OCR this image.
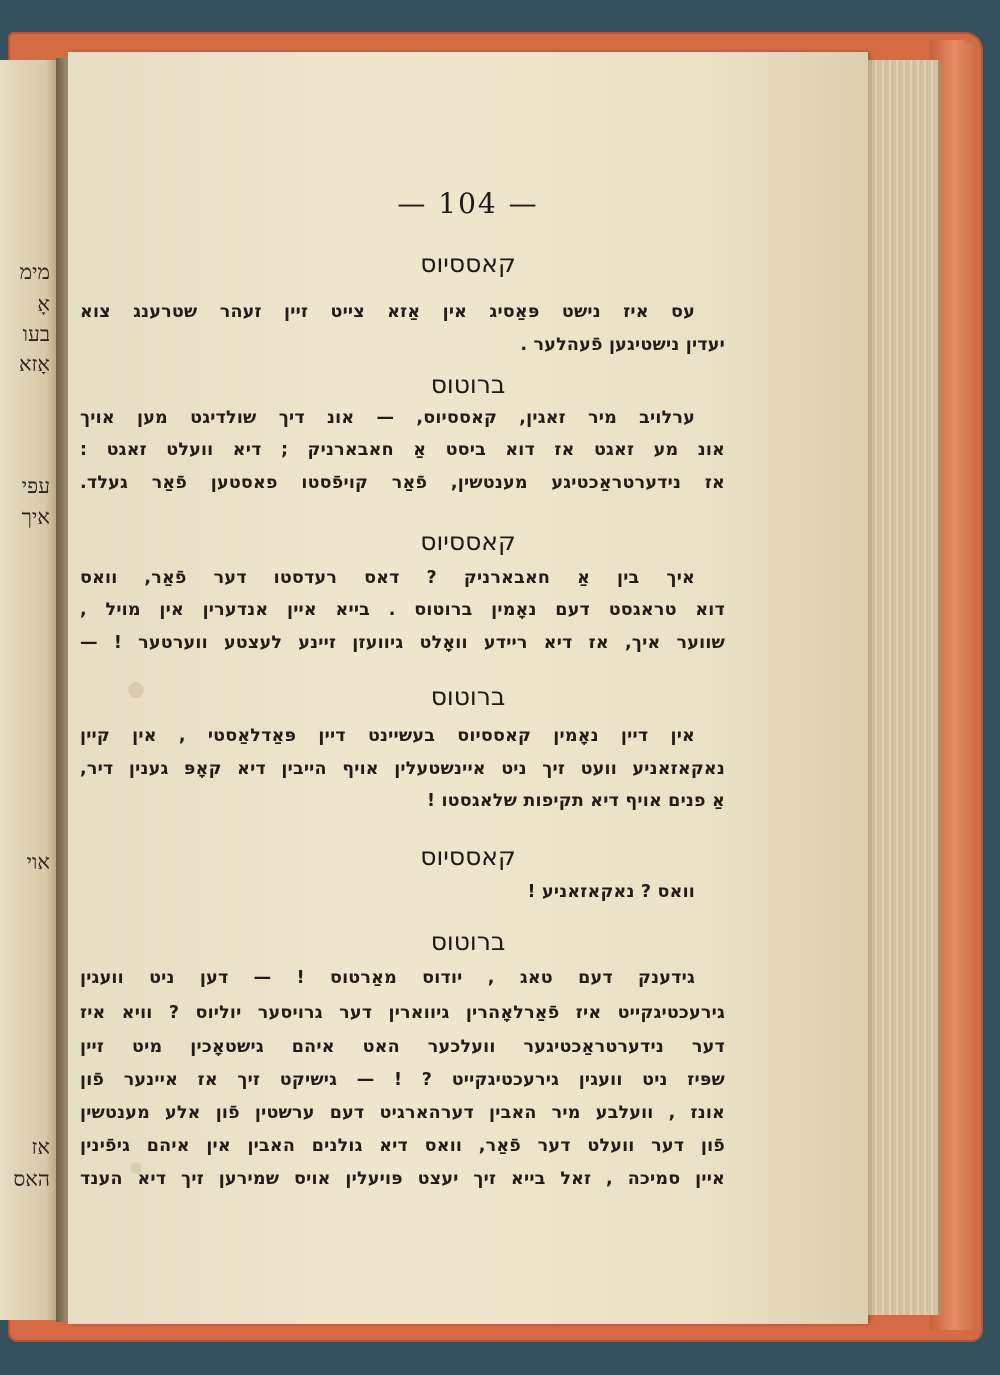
מימ
אָ
בעו
אָזא
עפי
איך
אוי
אז
האס
— 104 —
קאססיוס
עס איז נישט פּאַסיג אין אַזא צייט זיין זעהר שטרענג צוא
יעדין נישטיגען פֿעהלער .
ברוטוס
ערלויב מיר זאגין, קאססיוס, — אונ דיך שולדיגט מען אויך
אונ מע זאגט אז דוא ביסט אַ חאבארניק ; דיא וועלט זאגט :
אז נידערטראַכטיגע מענטשין, פֿאַר קויפֿסטו פאסטען פֿאַר געלד.
קאססיוס
איך בין אַ חאבארניק ? דאס רעדסטו דער פֿאַר, וואס
דוא טראגסט דעם נאָמין ברוטוס . בייא איין אנדערין אין מויל ,
שווער איך, אז דיא ריידע וואָלט גיוועזן זיינע לעצטע ווערטער ! —
ברוטוס
אין דיין נאָמין קאססיוס בעשיינט דיין פּאַדלאַסטי , אין קיין
נאקאזאניע וועט זיך ניט איינשטעלין אויף הייבין דיא קאָפּ גענין דיר,
אַ פנים אויף דיא תקיפות שלאגסטו !
קאססיוס
וואס ? נאקאזאניע !
ברוטוס
גידענק דעם טאג , יודוס מאַרטוס ! — דען ניט וועגין
גירעכטיגקייט איז פֿאַרלאָהרין גיווארין דער גרויסער יוליוס ? וויא איז
דער נידערטראַכטיגער וועלכער האט איהם גישטאָכין מיט זיין
שפּיז ניט וועגין גירעכטיגקייט ? ! — גישיקט זיך אז איינער פֿון
אונז , וועלבע מיר האבין דערהארגיט דעם ערשטין פֿון אלע מענטשין
פֿון דער וועלט דער פֿאַר, וואס דיא גולנים האבין אין איהם גיפֿינין
איין סמיכה , זאל בייא זיך יעצט פּויעלין אויס שמירען זיך דיא הענד
